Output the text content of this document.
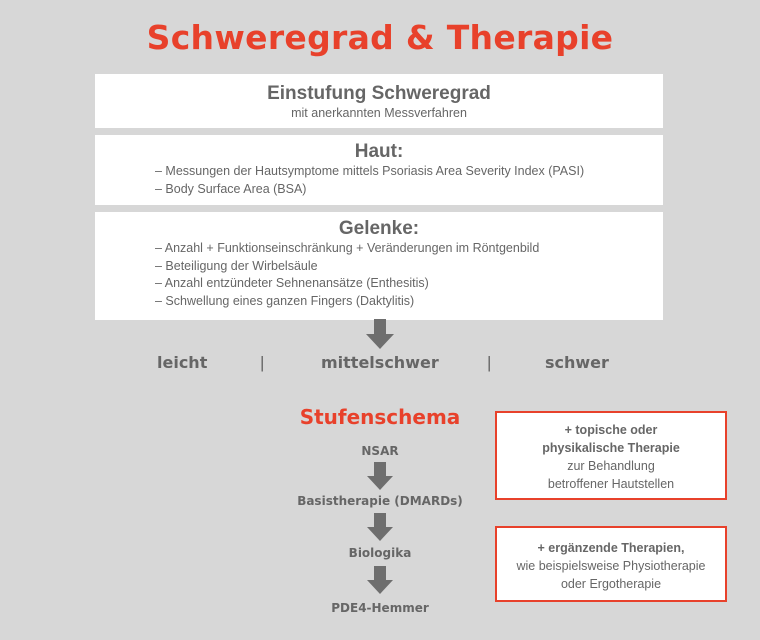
Schweregrad & Therapie
Einstufung Schweregrad
mit anerkannten Messverfahren
Haut:
– Messungen der Hautsymptome mittels Psoriasis Area Severity Index (PASI)
– Body Surface Area (BSA)
Gelenke:
– Anzahl + Funktionseinschränkung + Veränderungen im Röntgenbild
– Beteiligung der Wirbelsäule
– Anzahl entzündeter Sehnenansätze (Enthesitis)
– Schwellung eines ganzen Fingers (Daktylitis)
leicht	|	mittelschwer	|	schwer
Stufenschema
NSAR
Basistherapie (DMARDs)
Biologika
PDE4-Hemmer
+ topische oder
physikalische Therapie
zur Behandlung
betroffener Hautstellen
+ ergänzende Therapien,
wie beispielsweise Physiotherapie
oder Ergotherapie
